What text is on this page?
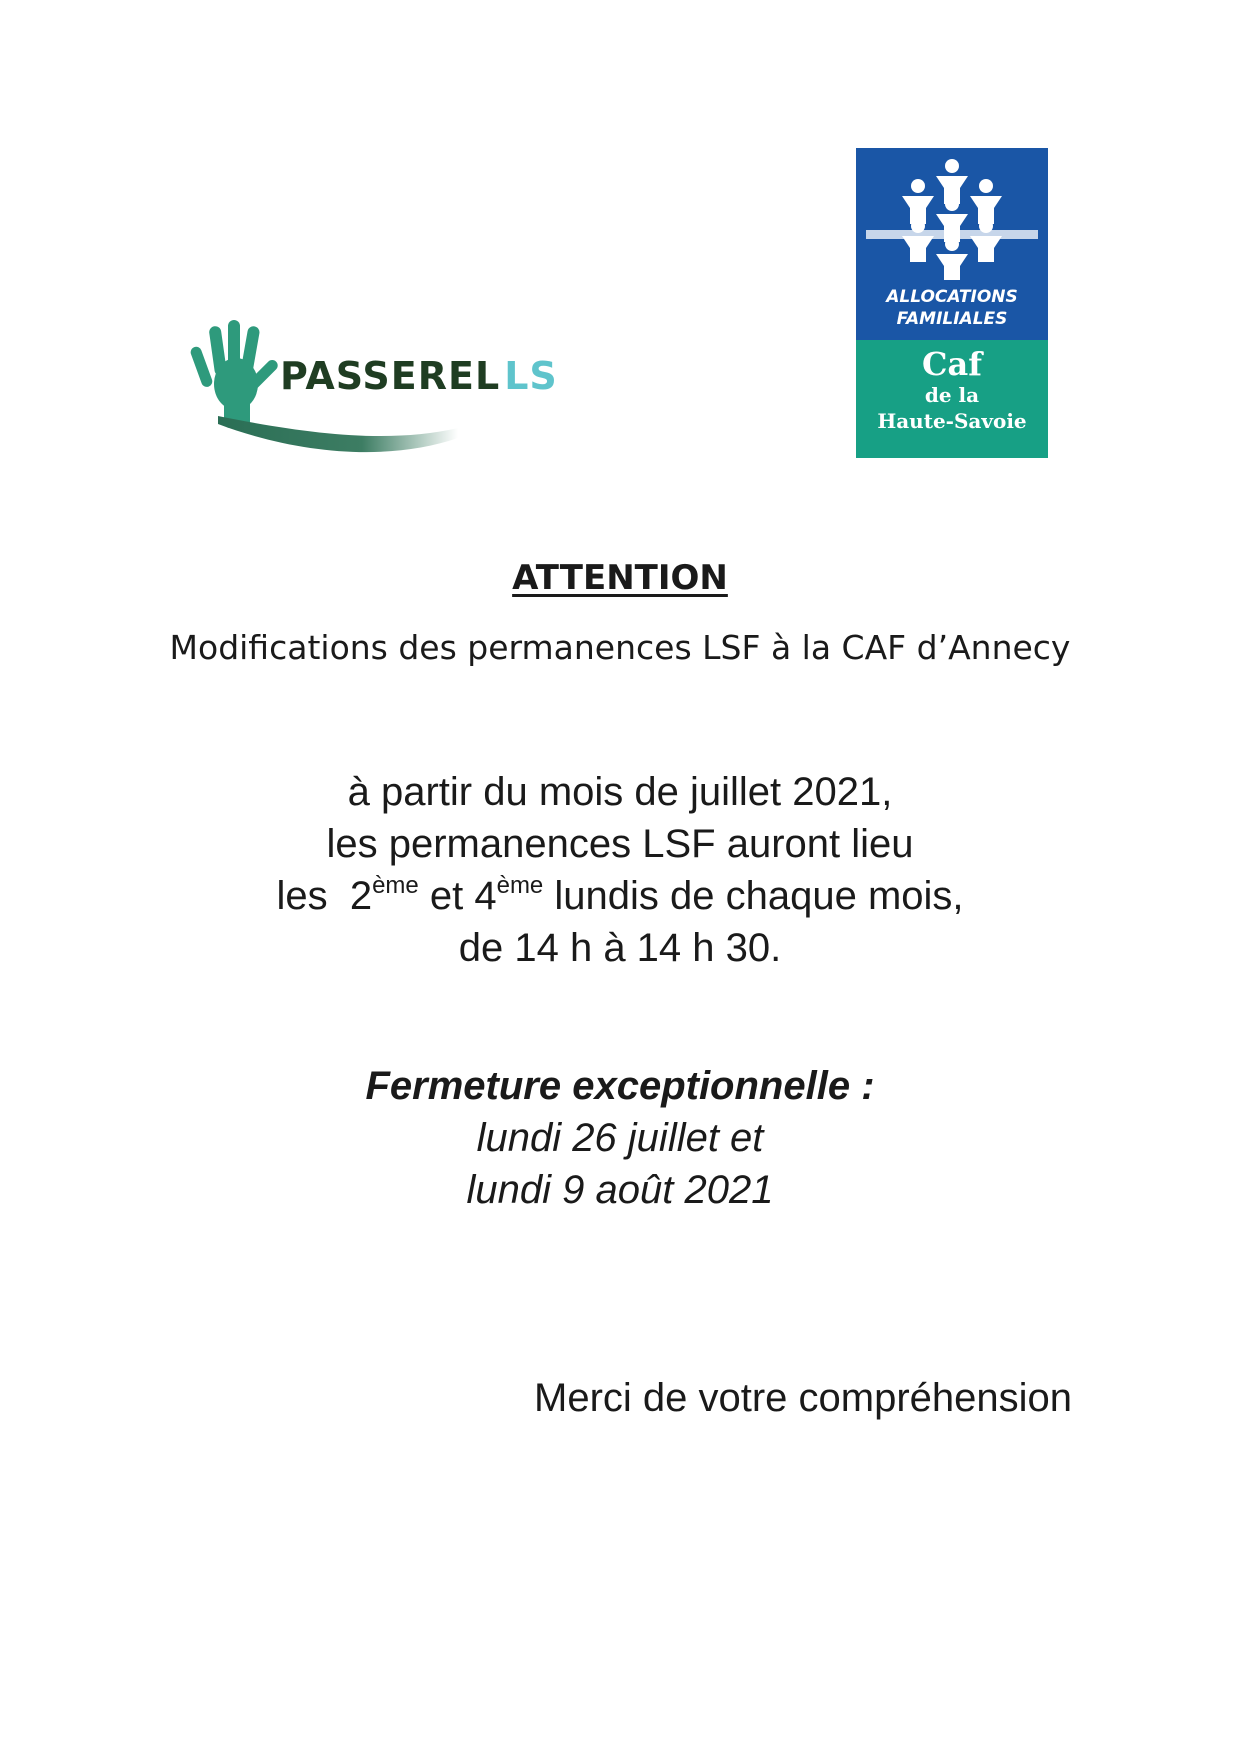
PASSEREL LS
ALLOCATIONS
FAMILIALES
Caf
de la
Haute-Savoie
ATTENTION
Modifications des permanences LSF à la CAF d’Annecy
à partir du mois de juillet 2021,
les permanences LSF auront lieu
les  2ème et 4ème lundis de chaque mois,
de 14 h à 14 h 30.
Fermeture exceptionnelle :
lundi 26 juillet et
lundi 9 août 2021
Merci de votre compréhension
